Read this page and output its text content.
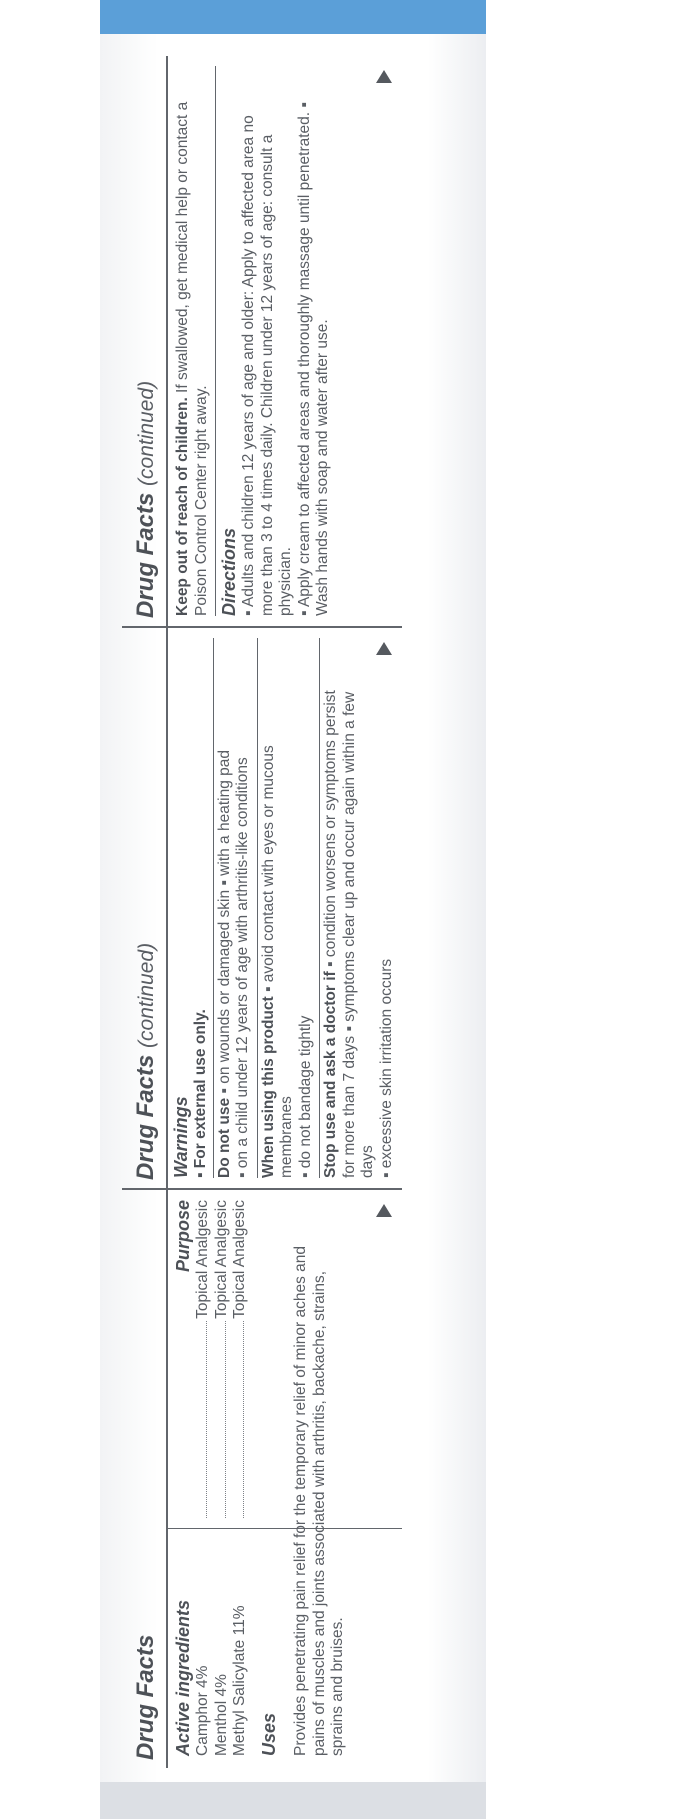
Drug Facts Active ingredients Camphor 4% Menthol 4% Methyl Salicylate 11% Uses
Purpose Topical Analgesic Topical Analgesic Topical Analgesic	Provides penetrating pain relief for the temporary relief of minor aches and pains of muscles and joints associated with arthritis, backache, strains, sprains and bruises.
Drug Facts (continued)
Warnings ▪ For external use only. Do not use ▪ on wounds or damaged skin ▪ with a heating pad ▪ on a child under 12 years of age with arthritis-like conditions When using this product ▪ avoid contact with eyes or mucous membranes ▪ do not bandage tightly Stop use and ask a doctor if ▪ condition worsens or symptoms persist for more than 7 days ▪ symptoms clear up and occur again within a few days ▪ excessive skin irritation occurs
Drug Facts (continued)	Keep out of reach of children. If swallowed, get medical help or contact a Poison Control Center right away. Directions ▪ Adults and children 12 years of age and older: Apply to affected area no more than 3 to 4 times daily. Children under 12 years of age: consult a physician. ▪ Apply cream to affected areas and thoroughly massage until penetrated. ▪ Wash hands with soap and water after use.
